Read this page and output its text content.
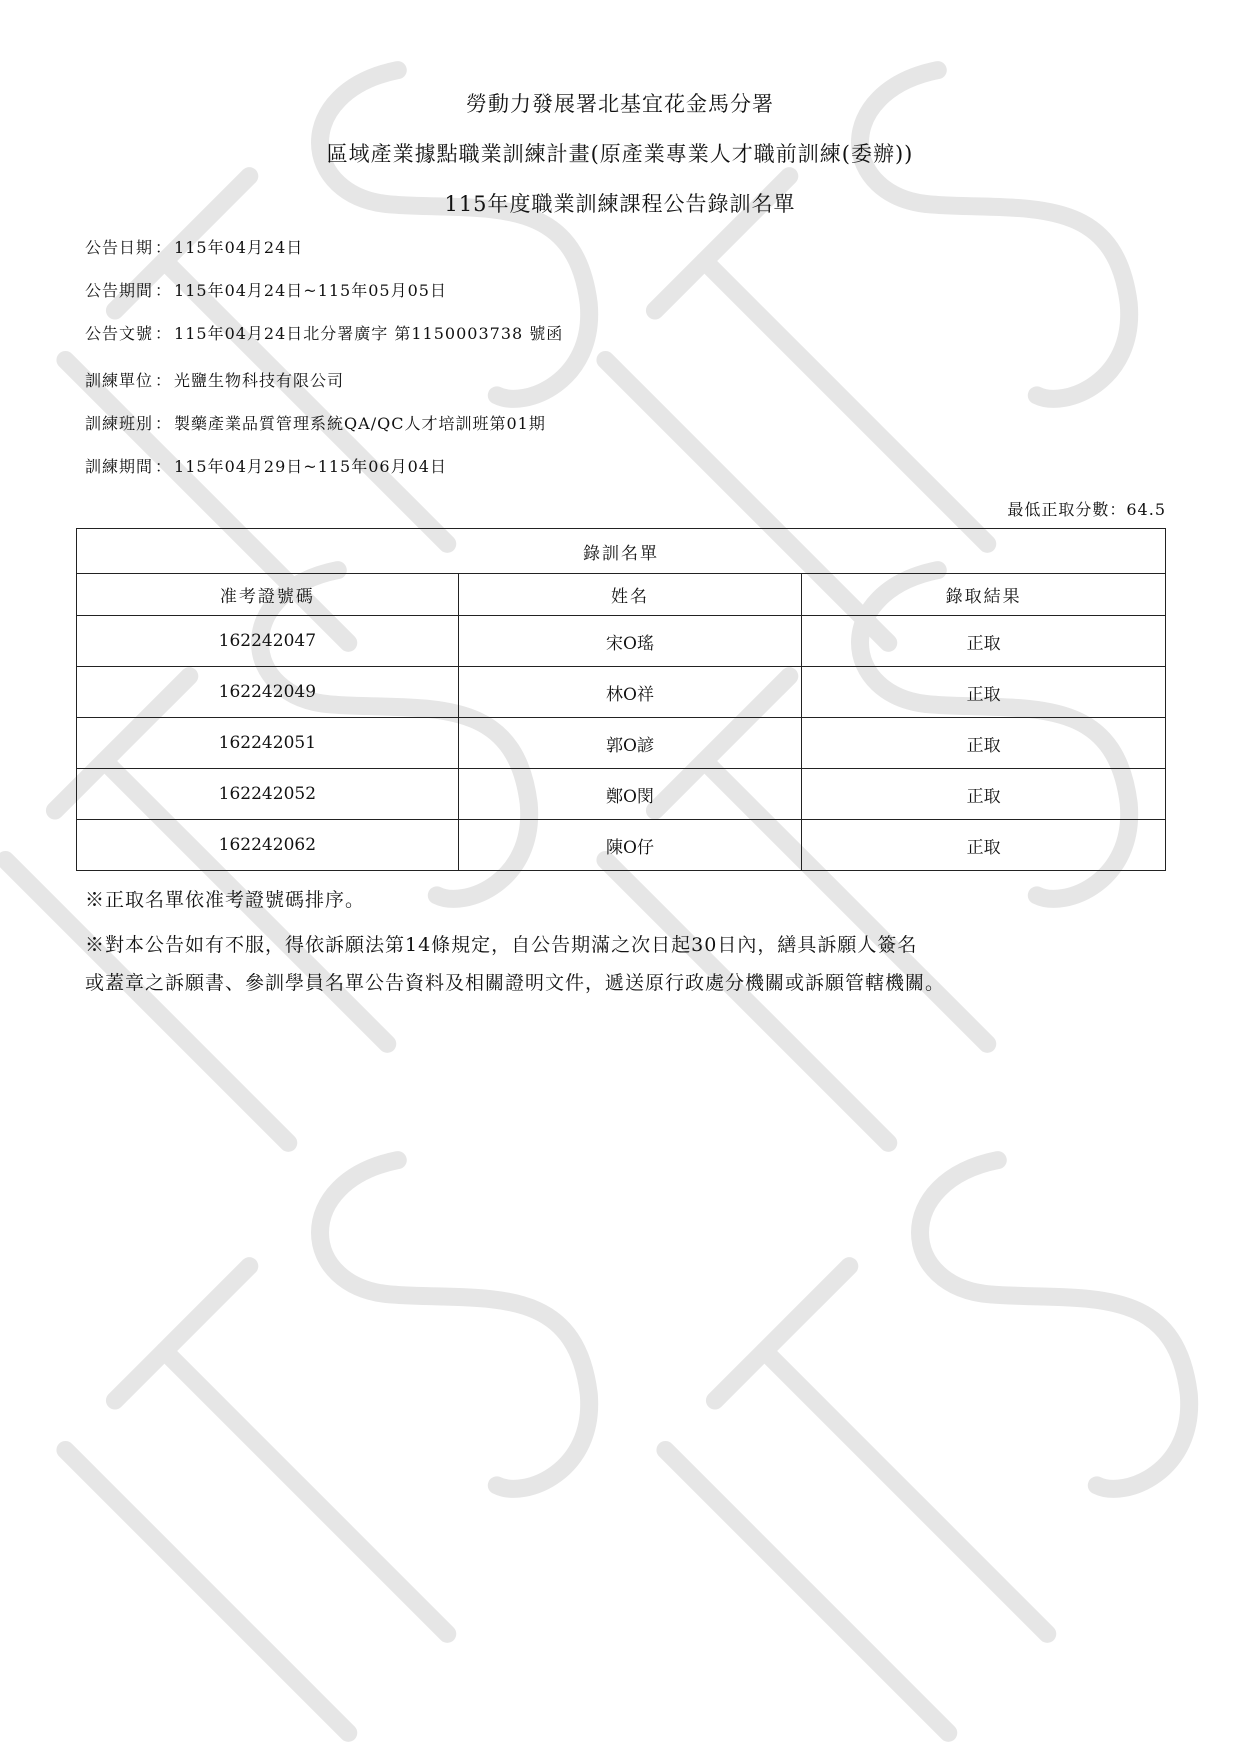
勞動力發展署北基宜花金馬分署
區域產業據點職業訓練計畫(原產業專業人才職前訓練(委辦))
115年度職業訓練課程公告錄訓名單
公告日期 ： 115年04月24日
公告期間 ： 115年04月24日~115年05月05日
公告文號 ： 115年04月24日北分署廣字 第1150003738 號函
訓練單位 ： 光鹽生物科技有限公司
訓練班別 ： 製藥產業品質管理系統QA/QC人才培訓班第01期
訓練期間 ： 115年04月29日~115年06月04日
最低正取分數：64.5
錄訓名單		
准考證號碼	姓名	錄取結果
162242047	宋O瑤	正取
162242049	林O祥	正取
162242051	郭O諺	正取
162242052	鄭O閔	正取
162242062	陳O仔	正取
※正取名單依准考證號碼排序。
※對本公告如有不服，得依訴願法第14條規定，自公告期滿之次日起30日內，繕具訴願人簽名
或蓋章之訴願書、參訓學員名單公告資料及相關證明文件，遞送原行政處分機關或訴願管轄機關。
